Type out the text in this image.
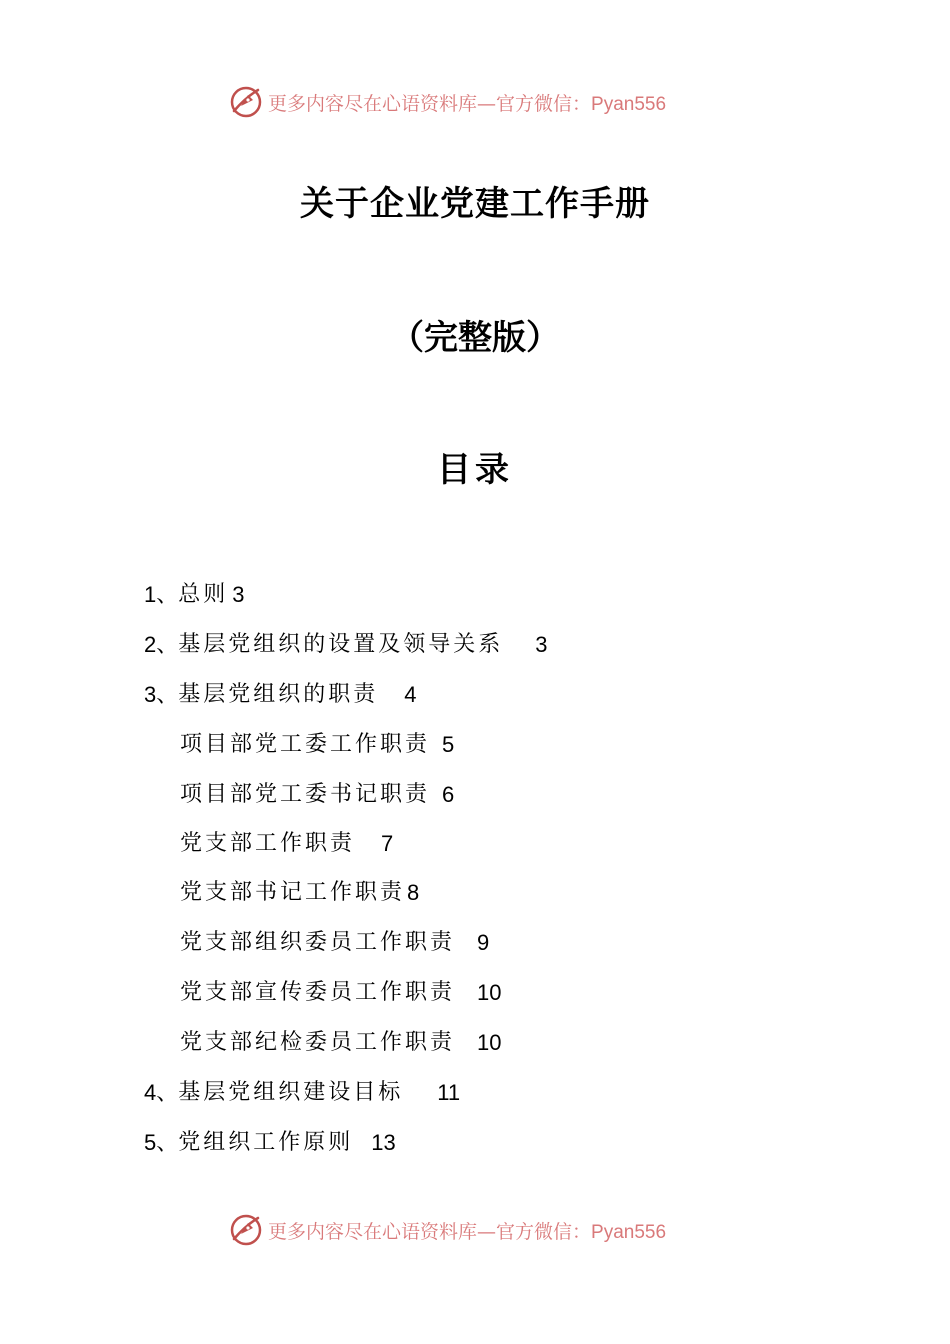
更多内容尽在心语资料库—官方微信：Pyan556
关于企业党建工作手册
（完整版）
目录
1、 总则 3
2、 基层党组织的设置及领导关系 3
3、 基层党组织的职责 4
项目部党工委工作职责 5
项目部党工委书记职责 6
党支部工作职责 7
党支部书记工作职责 8
党支部组织委员工作职责 9
党支部宣传委员工作职责 10
党支部纪检委员工作职责 10
4、 基层党组织建设目标 11
5、 党组织工作原则 13
更多内容尽在心语资料库—官方微信：Pyan556
